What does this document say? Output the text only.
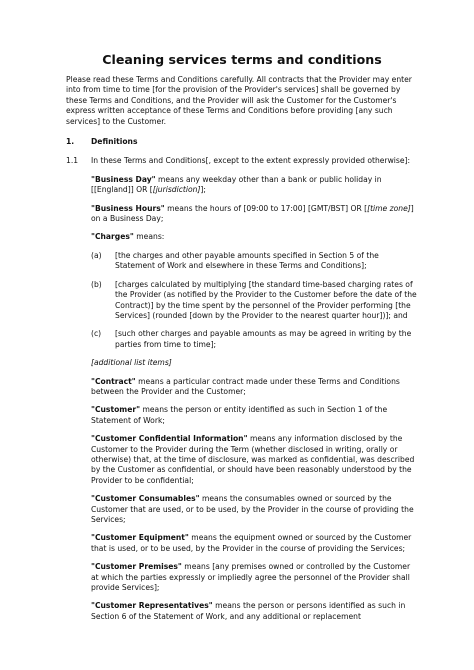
Cleaning services terms and conditions

Please read these Terms and Conditions carefully. All contracts that the Provider may enter into from time to time [for the provision of the Provider's services] shall be governed by these Terms and Conditions, and the Provider will ask the Customer for the Customer's express written acceptance of these Terms and Conditions before providing [any such services] to the Customer.

1.	Definitions
1.1	In these Terms and Conditions[, except to the extent expressly provided otherwise]:

"Business Day" means any weekday other than a bank or public holiday in [[England]] OR [[jurisdiction]];

"Business Hours" means the hours of [09:00 to 17:00] [GMT/BST] OR [[time zone]] on a Business Day;

"Charges" means:

(a)	[the charges and other payable amounts specified in Section 5 of the Statement of Work and elsewhere in these Terms and Conditions];
(b)	[charges calculated by multiplying [the standard time-based charging rates of the Provider (as notified by the Provider to the Customer before the date of the Contract)] by the time spent by the personnel of the Provider performing [the Services] (rounded [down by the Provider to the nearest quarter hour])]; and
(c)	[such other charges and payable amounts as may be agreed in writing by the parties from time to time];

[additional list items]

"Contract" means a particular contract made under these Terms and Conditions between the Provider and the Customer;

"Customer" means the person or entity identified as such in Section 1 of the Statement of Work;

"Customer Confidential Information" means any information disclosed by the Customer to the Provider during the Term (whether disclosed in writing, orally or otherwise) that, at the time of disclosure, was marked as confidential, was described by the Customer as confidential, or should have been reasonably understood by the Provider to be confidential;

"Customer Consumables" means the consumables owned or sourced by the Customer that are used, or to be used, by the Provider in the course of providing the Services;

"Customer Equipment" means the equipment owned or sourced by the Customer that is used, or to be used, by the Provider in the course of providing the Services;

"Customer Premises" means [any premises owned or controlled by the Customer at which the parties expressly or impliedly agree the personnel of the Provider shall provide Services];

"Customer Representatives" means the person or persons identified as such in Section 6 of the Statement of Work, and any additional or replacement
